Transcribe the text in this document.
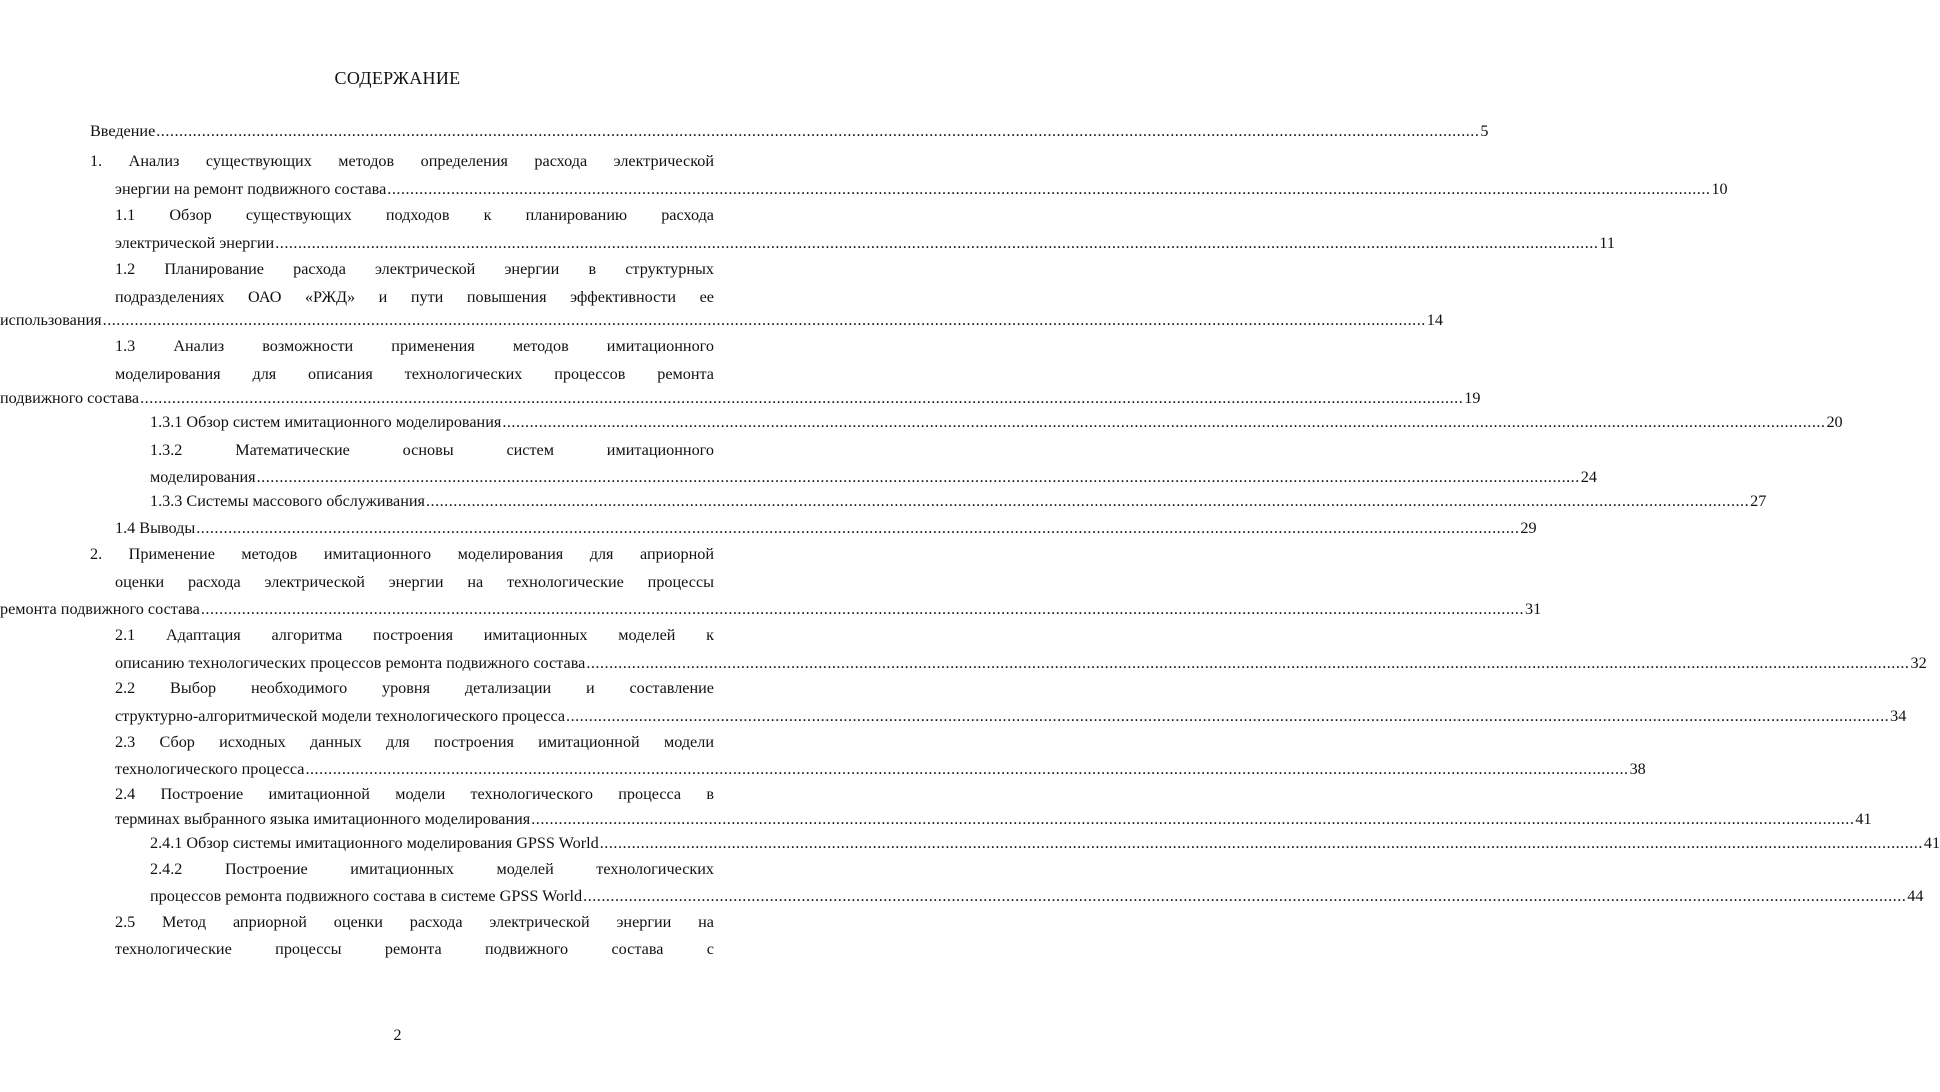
СОДЕРЖАНИЕ
Введение .....	5
1. Анализ существующих методов определения расхода электрической
энергии на ремонт подвижного состава .....	10
1.1 Обзор существующих подходов к планированию расхода
электрической энергии .....	11
1.2 Планирование расхода электрической энергии в структурных
подразделениях ОАО «РЖД» и пути повышения эффективности ее
использования .....	14
1.3 Анализ возможности применения методов имитационного
моделирования для описания технологических процессов ремонта
подвижного состава .....	19
1.3.1 Обзор систем имитационного моделирования .....	20
1.3.2 Математические основы систем имитационного
моделирования .....	24
1.3.3 Системы массового обслуживания .....	27
1.4 Выводы .....	29
2. Применение методов имитационного моделирования для априорной
оценки расхода электрической энергии на технологические процессы
ремонта подвижного состава .....	31
2.1 Адаптация алгоритма построения имитационных моделей к
описанию технологических процессов ремонта подвижного состава .....	32
2.2 Выбор необходимого уровня детализации и составление
структурно-алгоритмической модели технологического процесса .....	34
2.3 Сбор исходных данных для построения имитационной модели
технологического процесса .....	38
2.4 Построение имитационной модели технологического процесса в
терминах выбранного языка имитационного моделирования .....	41
2.4.1 Обзор системы имитационного моделирования GPSS World .....	41
2.4.2 Построение имитационных моделей технологических
процессов ремонта подвижного состава в системе GPSS World .....	44
2.5 Метод априорной оценки расхода электрической энергии на
технологические процессы ремонта подвижного состава с
2
